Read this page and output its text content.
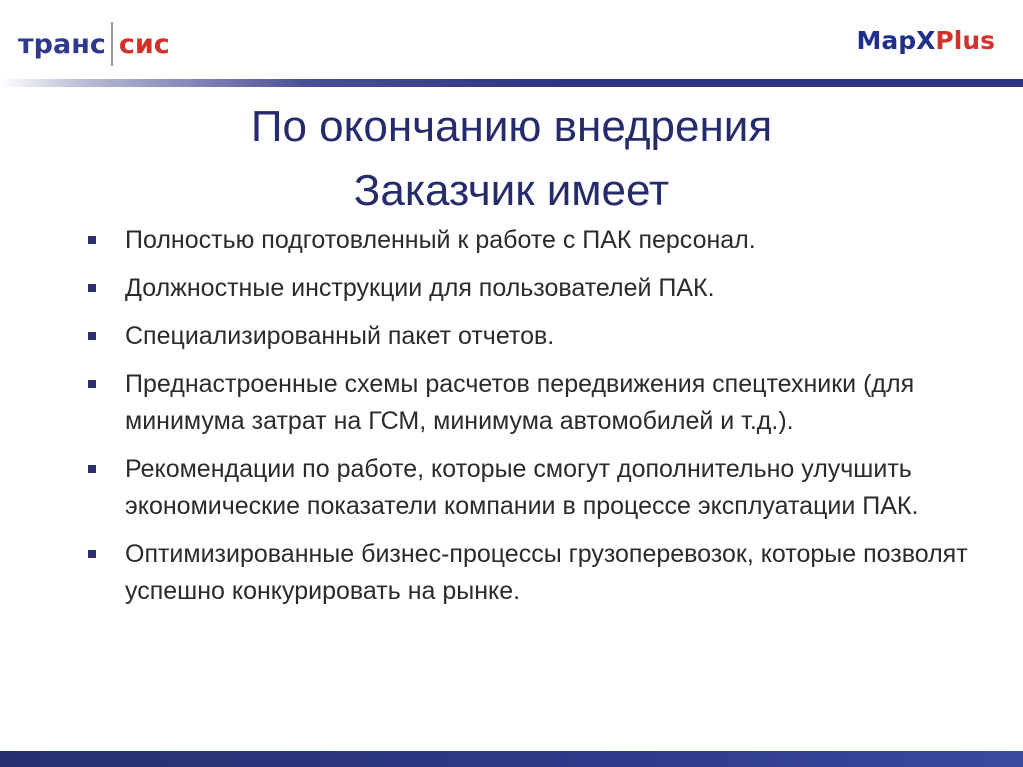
транс сис	MapXPlus
По окончанию внедрения
Заказчик имеет
Полностью подготовленный к работе с ПАК персонал.
Должностные инструкции для пользователей ПАК.
Специализированный пакет отчетов.
Преднастроенные схемы расчетов передвижения спецтехники (для минимума затрат на ГСМ, минимума автомобилей и т.д.).
Рекомендации по работе, которые смогут дополнительно улучшить экономические показатели компании в процессе эксплуатации ПАК.
Оптимизированные бизнес-процессы грузоперевозок, которые позволят успешно конкурировать на рынке.
